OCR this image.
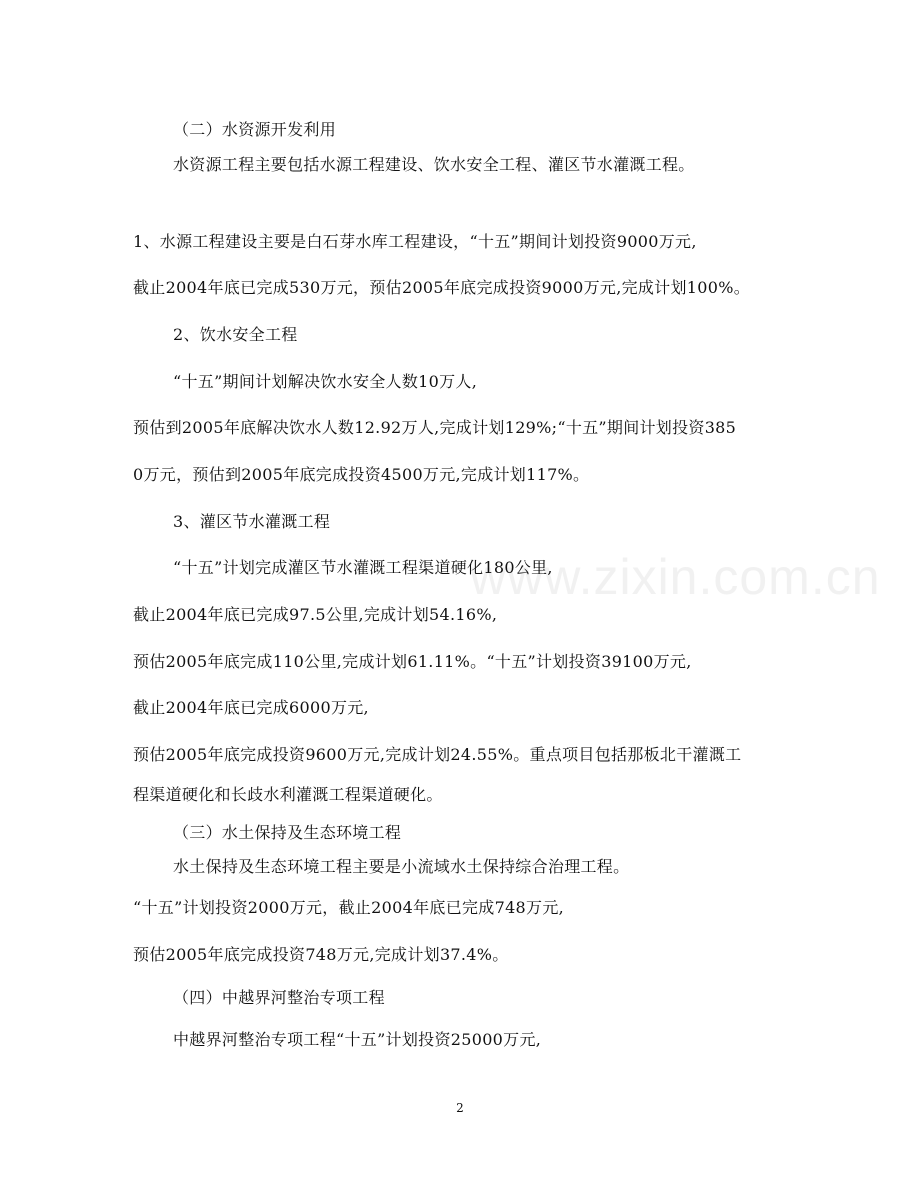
www.zixin.com.cn
（二）水资源开发利用
水资源工程主要包括水源工程建设、饮水安全工程、灌区节水灌溉工程。
1、水源工程建设主要是白石芽水库工程建设，“十五”期间计划投资9000万元,
截止2004年底已完成530万元，预估2005年底完成投资9000万元,完成计划100%。
2、饮水安全工程
“十五”期间计划解决饮水安全人数10万人,
预估到2005年底解决饮水人数12.92万人,完成计划129%;“十五”期间计划投资385
0万元，预估到2005年底完成投资4500万元,完成计划117%。
3、灌区节水灌溉工程
“十五”计划完成灌区节水灌溉工程渠道硬化180公里,
截止2004年底已完成97.5公里,完成计划54.16%,
预估2005年底完成110公里,完成计划61.11%。“十五”计划投资39100万元,
截止2004年底已完成6000万元,
预估2005年底完成投资9600万元,完成计划24.55%。重点项目包括那板北干灌溉工
程渠道硬化和长歧水利灌溉工程渠道硬化。
（三）水土保持及生态环境工程
水土保持及生态环境工程主要是小流域水土保持综合治理工程。
“十五”计划投资2000万元，截止2004年底已完成748万元,
预估2005年底完成投资748万元,完成计划37.4%。
（四）中越界河整治专项工程
中越界河整治专项工程“十五”计划投资25000万元,
2
